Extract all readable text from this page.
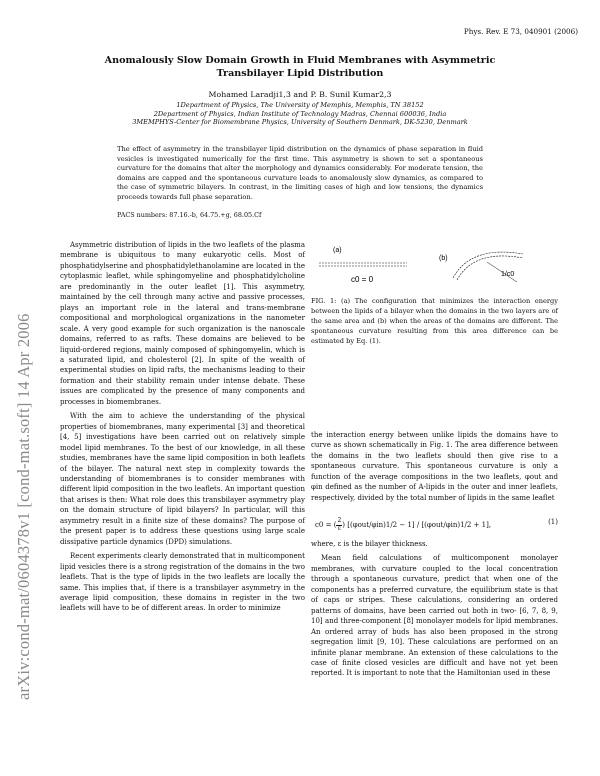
Phys. Rev. E 73, 040901 (2006)
arXiv:cond-mat/0604378v1 [cond-mat.soft] 14 Apr 2006
Anomalously Slow Domain Growth in Fluid Membranes with Asymmetric Transbilayer Lipid Distribution
Mohamed Laradji1,3 and P. B. Sunil Kumar2,3
1Department of Physics, The University of Memphis, Memphis, TN 38152
2Department of Physics, Indian Institute of Technology Madras, Chennai 600036, India
3MEMPHYS-Center for Biomembrane Physics, University of Southern Denmark, DK-5230, Denmark
The effect of asymmetry in the transbilayer lipid distribution on the dynamics of phase separation in fluid vesicles is investigated numerically for the first time. This asymmetry is shown to set a spontaneous curvature for the domains that alter the morphology and dynamics considerably. For moderate tension, the domains are capped and the spontaneous curvature leads to anomalously slow dynamics, as compared to the case of symmetric bilayers. In contrast, in the limiting cases of high and low tensions, the dynamics proceeds towards full phase separation.
PACS numbers: 87.16.-b, 64.75.+g, 68.05.Cf

Asymmetric distribution of lipids in the two leaflets of the plasma membrane is ubiquitous to many eukaryotic cells. Most of phosphatidylserine and phosphatidylethanolamine are located in the cytoplasmic leaflet, while sphingomyeline and phosphatidylcholine are predominantly in the outer leaflet [1]. This asymmetry, maintained by the cell through many active and passive processes, plays an important role in the lateral and trans-membrane compositional and morphological organizations in the nanometer scale. A very good example for such organization is the nanoscale domains, referred to as rafts. These domains are believed to be liquid-ordered regions, mainly composed of sphingomyelin, which is a saturated lipid, and cholesterol [2]. In spite of the wealth of experimental studies on lipid rafts, the mechanisms leading to their formation and their stability remain under intense debate. These issues are complicated by the presence of many components and processes in biomembranes.

With the aim to achieve the understanding of the physical properties of biomembranes, many experimental [3] and theoretical [4, 5] investigations have been carried out on relatively simple model lipid membranes. To the best of our knowledge, in all these studies, membranes have the same lipid composition in both leaflets of the bilayer. The natural next step in complexity towards the understanding of biomembranes is to consider membranes with different lipid composition in the two leaflets. An important question that arises is then: What role does this transbilayer asymmetry play on the domain structure of lipid bilayers? In particular, will this asymmetry result in a finite size of these domains? The purpose of the present paper is to address these questions using large scale dissipative particle dynamics (DPD) simulations.

Recent experiments clearly demonstrated that in multicomponent lipid vesicles there is a strong registration of the domains in the two leaflets. That is the type of lipids in the two leaflets are locally the same. This implies that, if there is a transbilayer asymmetry in the average lipid composition, these domains in register in the two leaflets will have to be of different areas. In order to minimize

(a)
c0 = 0
(b)
1/c0
FIG. 1: (a) The configuration that minimizes the interaction energy between the lipids of a bilayer when the domains in the two layers are of the same area and (b) when the areas of the domains are different. The spontaneous curvature resulting from this area difference can be estimated by Eq. (1).

the interaction energy between unlike lipids the domains have to curve as shown schematically in Fig. 1. The area difference between the domains in the two leaflets should then give rise to a spontaneous curvature. This spontaneous curvature is only a function of the average compositions in the two leaflets, φout and φin defined as the number of A-lipids in the outer and inner leaflets, respectively, divided by the total number of lipids in the same leaflet

c0 = ( $\frac{2}{\varepsilon}$ ) [(φout/φin)1/2 − 1] / [(φout/φin)1/2 + 1],	(1)

where, ε is the bilayer thickness.

Mean field calculations of multicomponent monolayer membranes, with curvature coupled to the local concentration through a spontaneous curvature, predict that when one of the components has a preferred curvature, the equilibrium state is that of caps or stripes. These calculations, considering an ordered patterns of domains, have been carried out both in two- [6, 7, 8, 9, 10] and three-component [8] monolayer models for lipid membranes. An ordered array of buds has also been proposed in the strong segregation limit [9, 10]. These calculations are performed on an infinite planar membrane. An extension of these calculations to the case of finite closed vesicles are difficult and have not yet been reported. It is important to note that the Hamiltonian used in these
